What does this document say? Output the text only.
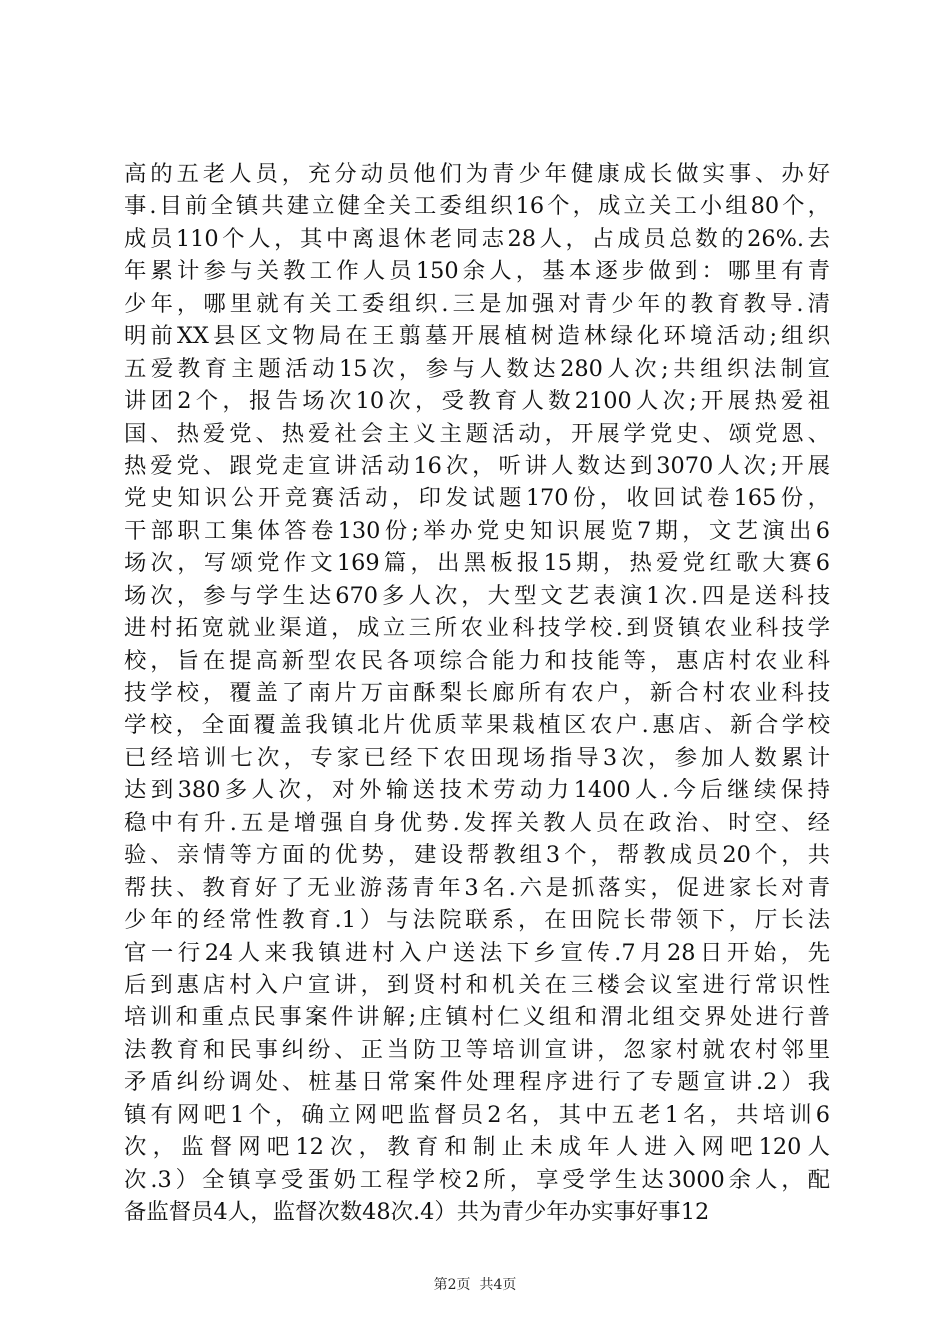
高的五老人员，充分动员他们为青少年健康成长做实事、办好
事.目前全镇共建立健全关工委组织16个，成立关工小组80个，
成员110个人，其中离退休老同志28人，占成员总数的26%.去
年累计参与关教工作人员150余人，基本逐步做到：哪里有青
少年，哪里就有关工委组织.三是加强对青少年的教育教导.清
明前XX县区文物局在王翦墓开展植树造林绿化环境活动;组织
五爱教育主题活动15次，参与人数达280人次;共组织法制宣
讲团2个，报告场次10次，受教育人数2100人次;开展热爱祖
国、热爱党、热爱社会主义主题活动，开展学党史、颂党恩、
热爱党、跟党走宣讲活动16次，听讲人数达到3070人次;开展
党史知识公开竞赛活动，印发试题170份，收回试卷165份，
干部职工集体答卷130份;举办党史知识展览7期，文艺演出6
场次，写颂党作文169篇，出黑板报15期，热爱党红歌大赛6
场次，参与学生达670多人次，大型文艺表演1次.四是送科技
进村拓宽就业渠道，成立三所农业科技学校.到贤镇农业科技学
校，旨在提高新型农民各项综合能力和技能等，惠店村农业科
技学校，覆盖了南片万亩酥梨长廊所有农户，新合村农业科技
学校，全面覆盖我镇北片优质苹果栽植区农户.惠店、新合学校
已经培训七次，专家已经下农田现场指导3次，参加人数累计
达到380多人次，对外输送技术劳动力1400人.今后继续保持
稳中有升.五是增强自身优势.发挥关教人员在政治、时空、经
验、亲情等方面的优势，建设帮教组3个，帮教成员20个，共
帮扶、教育好了无业游荡青年3名.六是抓落实，促进家长对青
少年的经常性教育.1）与法院联系，在田院长带领下，厅长法
官一行24人来我镇进村入户送法下乡宣传.7月28日开始，先
后到惠店村入户宣讲，到贤村和机关在三楼会议室进行常识性
培训和重点民事案件讲解;庄镇村仁义组和渭北组交界处进行普
法教育和民事纠纷、正当防卫等培训宣讲，忽家村就农村邻里
矛盾纠纷调处、桩基日常案件处理程序进行了专题宣讲.2）我
镇有网吧1个，确立网吧监督员2名，其中五老1名，共培训6
次，监督网吧12次，教育和制止未成年人进入网吧120人
次.3）全镇享受蛋奶工程学校2所，享受学生达3000余人，配
备监督员4人，监督次数48次.4）共为青少年办实事好事12
第2页  共4页
